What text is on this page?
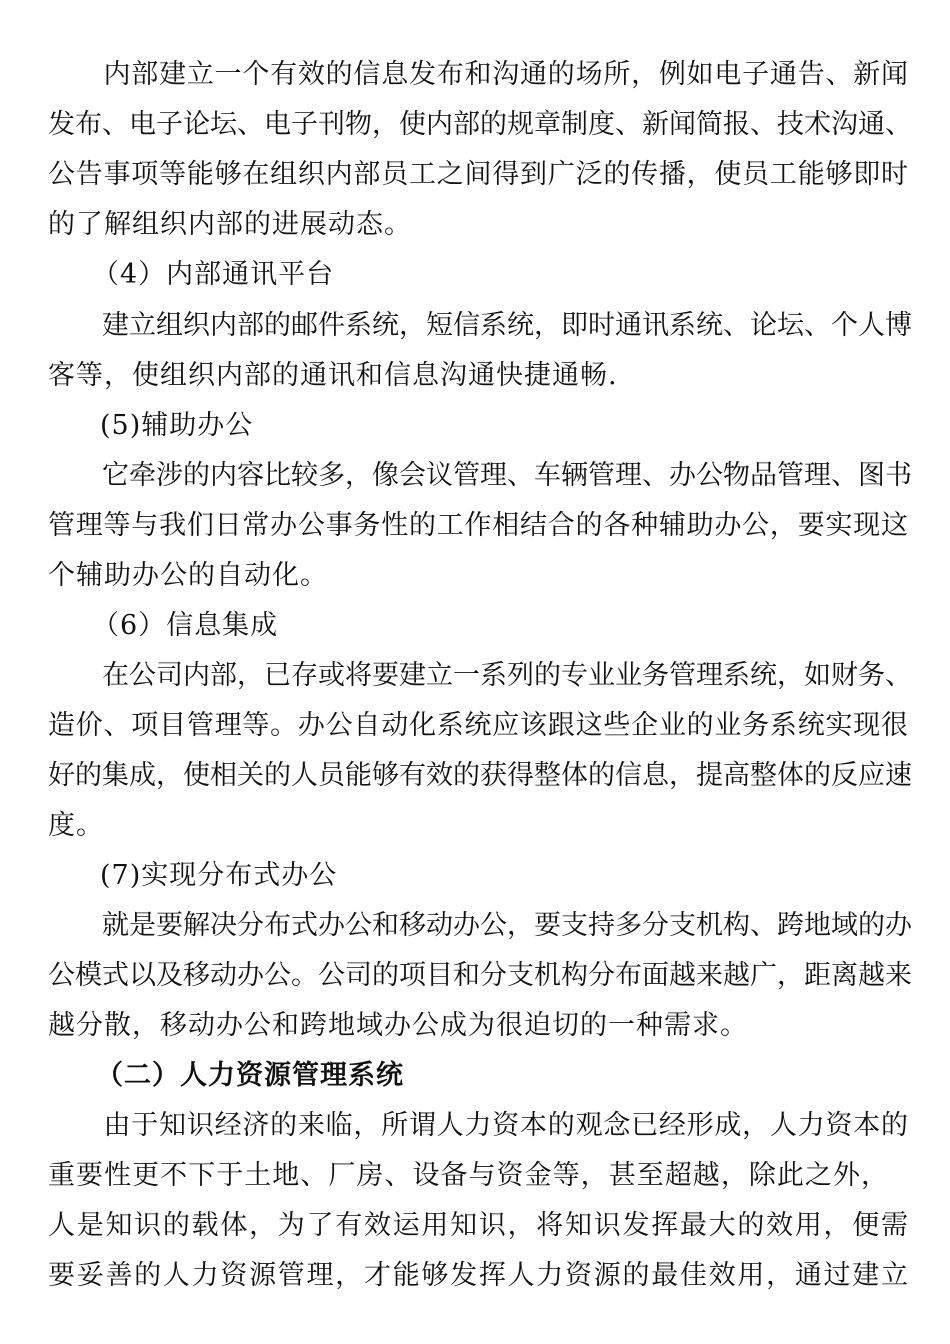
　　内部建立一个有效的信息发布和沟通的场所，例如电子通告、新闻
发布、电子论坛、电子刊物，使内部的规章制度、新闻简报、技术沟通、
公告事项等能够在组织内部员工之间得到广泛的传播，使员工能够即时
的了解组织内部的进展动态。
（4）内部通讯平台
　　建立组织内部的邮件系统，短信系统，即时通讯系统、论坛、个人博
客等，使组织内部的通讯和信息沟通快捷通畅.
(5)辅助办公
　　它牵涉的内容比较多，像会议管理、车辆管理、办公物品管理、图书
管理等与我们日常办公事务性的工作相结合的各种辅助办公，要实现这
个辅助办公的自动化。
（6）信息集成
　　在公司内部，已存或将要建立一系列的专业业务管理系统，如财务、
造价、项目管理等。办公自动化系统应该跟这些企业的业务系统实现很
好的集成，使相关的人员能够有效的获得整体的信息，提高整体的反应速
度。
(7)实现分布式办公
　　就是要解决分布式办公和移动办公，要支持多分支机构、跨地域的办
公模式以及移动办公。公司的项目和分支机构分布面越来越广，距离越来
越分散，移动办公和跨地域办公成为很迫切的一种需求。
（二）人力资源管理系统
　　由于知识经济的来临，所谓人力资本的观念已经形成，人力资本的
重要性更不下于土地、厂房、设备与资金等，甚至超越，除此之外，
人是知识的载体，为了有效运用知识，将知识发挥最大的效用，便需
要妥善的人力资源管理，才能够发挥人力资源的最佳效用，通过建立
